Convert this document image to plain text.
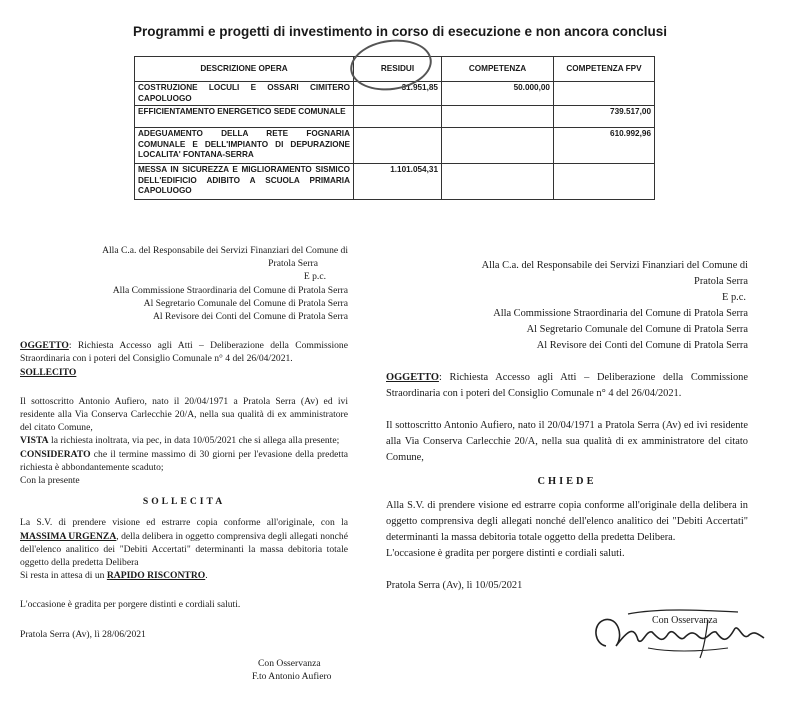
Programmi e progetti di investimento in corso di esecuzione e non ancora conclusi
DESCRIZIONE OPERA	RESIDUI	COMPETENZA	COMPETENZA FPV
COSTRUZIONE LOCULI E OSSARI CIMITERO CAPOLUOGO	31.951,85	50.000,00	
EFFICIENTAMENTO ENERGETICO SEDE COMUNALE			739.517,00
ADEGUAMENTO DELLA RETE FOGNARIA COMUNALE E DELL'IMPIANTO DI DEPURAZIONE LOCALITA' FONTANA-SERRA			610.992,96
MESSA IN SICUREZZA E MIGLIORAMENTO SISMICO DELL'EDIFICIO ADIBITO A SCUOLA PRIMARIA CAPOLUOGO	1.101.054,31		

Alla C.a. del Responsabile dei Servizi Finanziari del Comune di

Pratola Serra

E p.c.

Alla Commissione Straordinaria del Comune di Pratola Serra

Al Segretario Comunale del Comune di Pratola Serra

Al Revisore dei Conti del Comune di Pratola Serra

OGGETTO: Richiesta Accesso agli Atti – Deliberazione della Commissione Straordinaria con i poteri del Consiglio Comunale n° 4 del 26/04/2021.

SOLLECITO

Il sottoscritto Antonio Aufiero, nato il 20/04/1971 a Pratola Serra (Av) ed ivi residente alla Via Conserva Carlecchie 20/A, nella sua qualità di ex amministratore del citato Comune,

VISTA la richiesta inoltrata, via pec, in data 10/05/2021 che si allega alla presente;

CONSIDERATO che il termine massimo di 30 giorni per l'evasione della predetta richiesta è abbondantemente scaduto;

Con la presente

SOLLECITA

La S.V. di prendere visione ed estrarre copia conforme all'originale, con la MASSIMA URGENZA, della delibera in oggetto comprensiva degli allegati nonché dell'elenco analitico dei "Debiti Accertati" determinanti la massa debitoria totale oggetto della predetta Delibera

Si resta in attesa di un RAPIDO RISCONTRO.

L'occasione è gradita per porgere distinti e cordiali saluti.

Pratola Serra (Av), lì 28/06/2021

Con Osservanza

F.to Antonio Aufiero

Alla C.a. del Responsabile dei Servizi Finanziari del Comune di

Pratola Serra

E p.c.

Alla Commissione Straordinaria del Comune di Pratola Serra

Al Segretario Comunale del Comune di Pratola Serra

Al Revisore dei Conti del Comune di Pratola Serra

OGGETTO: Richiesta Accesso agli Atti – Deliberazione della Commissione Straordinaria con i poteri del Consiglio Comunale n° 4 del 26/04/2021.

Il sottoscritto Antonio Aufiero, nato il 20/04/1971 a Pratola Serra (Av) ed ivi residente alla Via Conserva Carlecchie 20/A, nella sua qualità di ex amministratore del citato Comune,

CHIEDE

Alla S.V. di prendere visione ed estrarre copia conforme all'originale della delibera in oggetto comprensiva degli allegati nonché dell'elenco analitico dei "Debiti Accertati" determinanti la massa debitoria totale oggetto della predetta Delibera.

L'occasione è gradita per porgere distinti e cordiali saluti.

Pratola Serra (Av), lì 10/05/2021

Con Osservanza
